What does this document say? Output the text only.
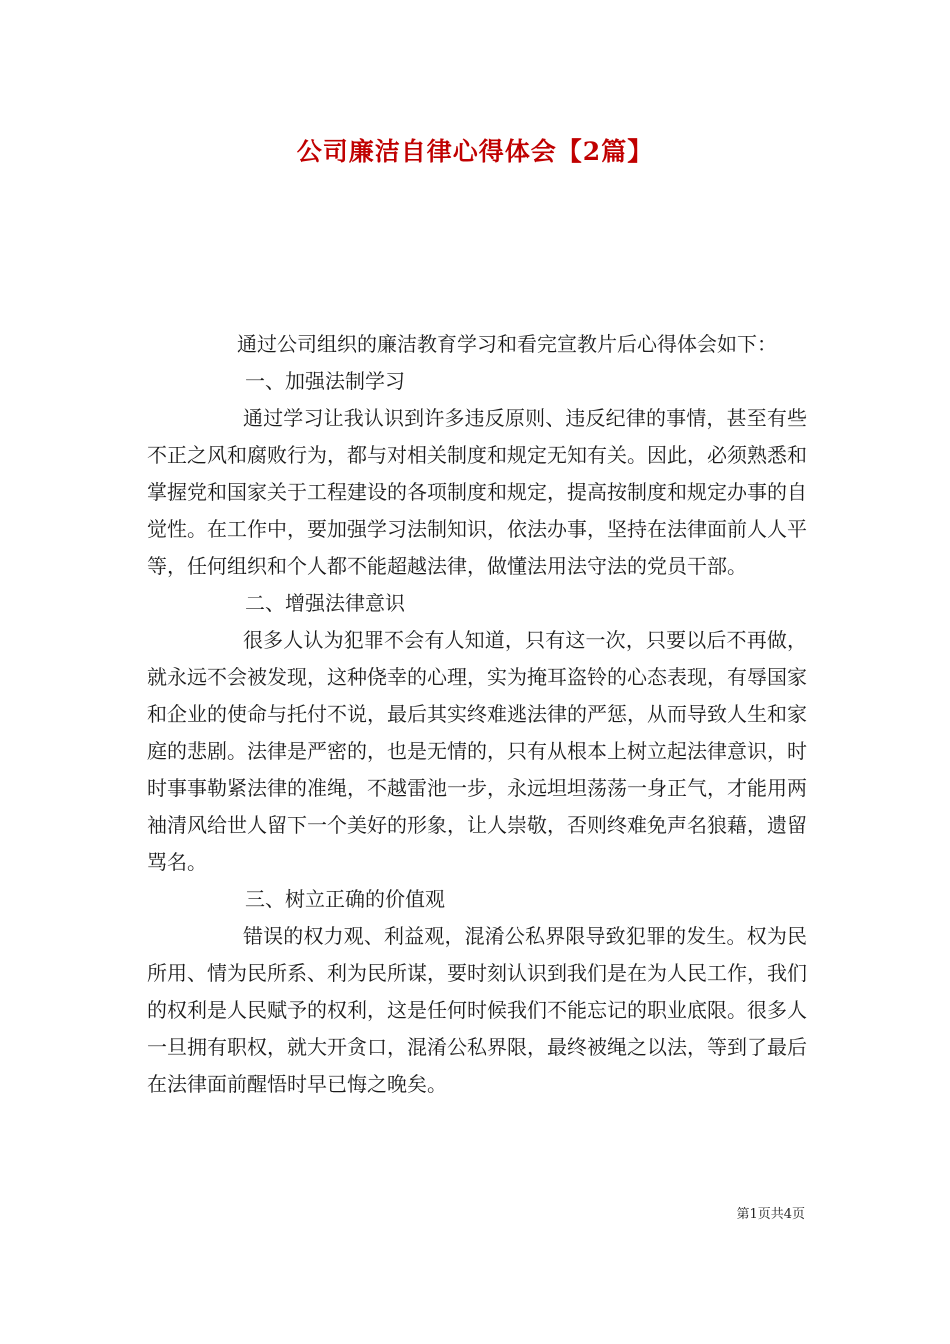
公司廉洁自律心得体会【2篇】

通过公司组织的廉洁教育学习和看完宣教片后心得体会如下：

一、加强法制学习

通过学习让我认识到许多违反原则、违反纪律的事情，甚至有些不正之风和腐败行为，都与对相关制度和规定无知有关。因此，必须熟悉和掌握党和国家关于工程建设的各项制度和规定，提高按制度和规定办事的自觉性。在工作中，要加强学习法制知识，依法办事，坚持在法律面前人人平等，任何组织和个人都不能超越法律，做懂法用法守法的党员干部。

二、增强法律意识

很多人认为犯罪不会有人知道，只有这一次，只要以后不再做，就永远不会被发现，这种侥幸的心理，实为掩耳盗铃的心态表现，有辱国家和企业的使命与托付不说，最后其实终难逃法律的严惩，从而导致人生和家庭的悲剧。法律是严密的，也是无情的，只有从根本上树立起法律意识，时时事事勒紧法律的准绳，不越雷池一步，永远坦坦荡荡一身正气，才能用两袖清风给世人留下一个美好的形象，让人崇敬，否则终难免声名狼藉，遗留骂名。

三、树立正确的价值观

错误的权力观、利益观，混淆公私界限导致犯罪的发生。权为民所用、情为民所系、利为民所谋，要时刻认识到我们是在为人民工作，我们的权利是人民赋予的权利，这是任何时候我们不能忘记的职业底限。很多人一旦拥有职权，就大开贪口，混淆公私界限，最终被绳之以法，等到了最后在法律面前醒悟时早已悔之晚矣。

第1页共4页
